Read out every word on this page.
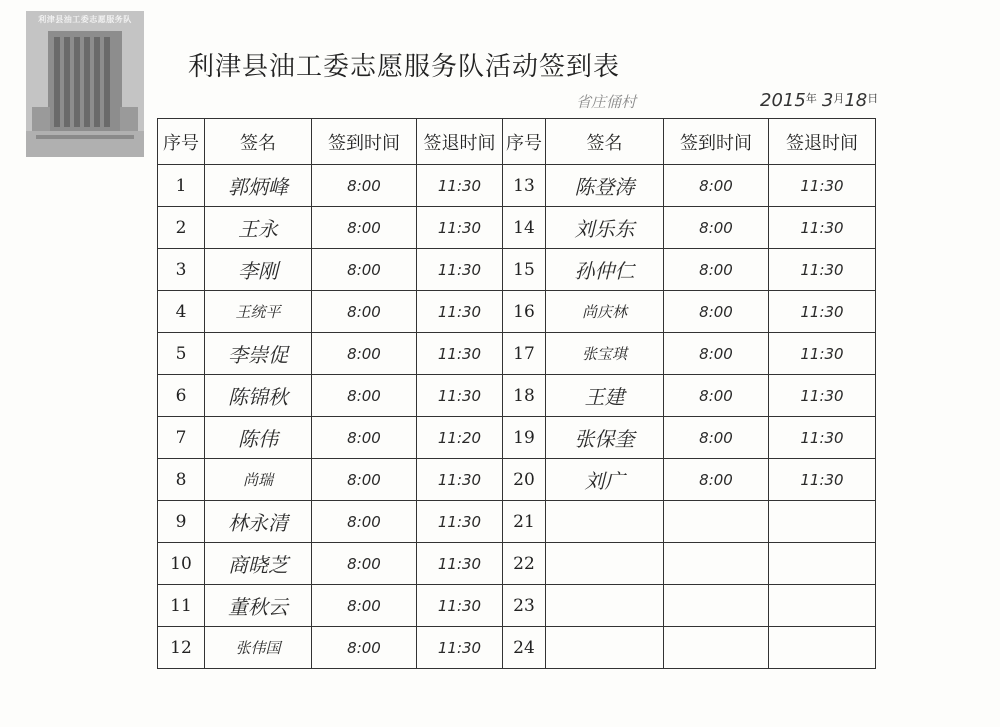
利津县油工委志愿服务队
利津县油工委志愿服务队活动签到表
省庄俑村	$2015^年$ $3^月18^日$
序号	签名	签到时间	签退时间	序号	签名	签到时间	签退时间
1	郭炳峰	8:00	11:30	13	陈登涛	8:00	11:30
2	王永	8:00	11:30	14	刘乐东	8:00	11:30
3	李刚	8:00	11:30	15	孙仲仁	8:00	11:30
4	王统平	8:00	11:30	16	尚庆林	8:00	11:30
5	李崇促	8:00	11:30	17	张宝琪	8:00	11:30
6	陈锦秋	8:00	11:30	18	王建	8:00	11:30
7	陈伟	8:00	11:20	19	张保奎	8:00	11:30
8	尚瑞	8:00	11:30	20	刘广	8:00	11:30
9	林永清	8:00	11:30	21			
10	商晓芝	8:00	11:30	22			
11	董秋云	8:00	11:30	23			
12	张伟国	8:00	11:30	24			
